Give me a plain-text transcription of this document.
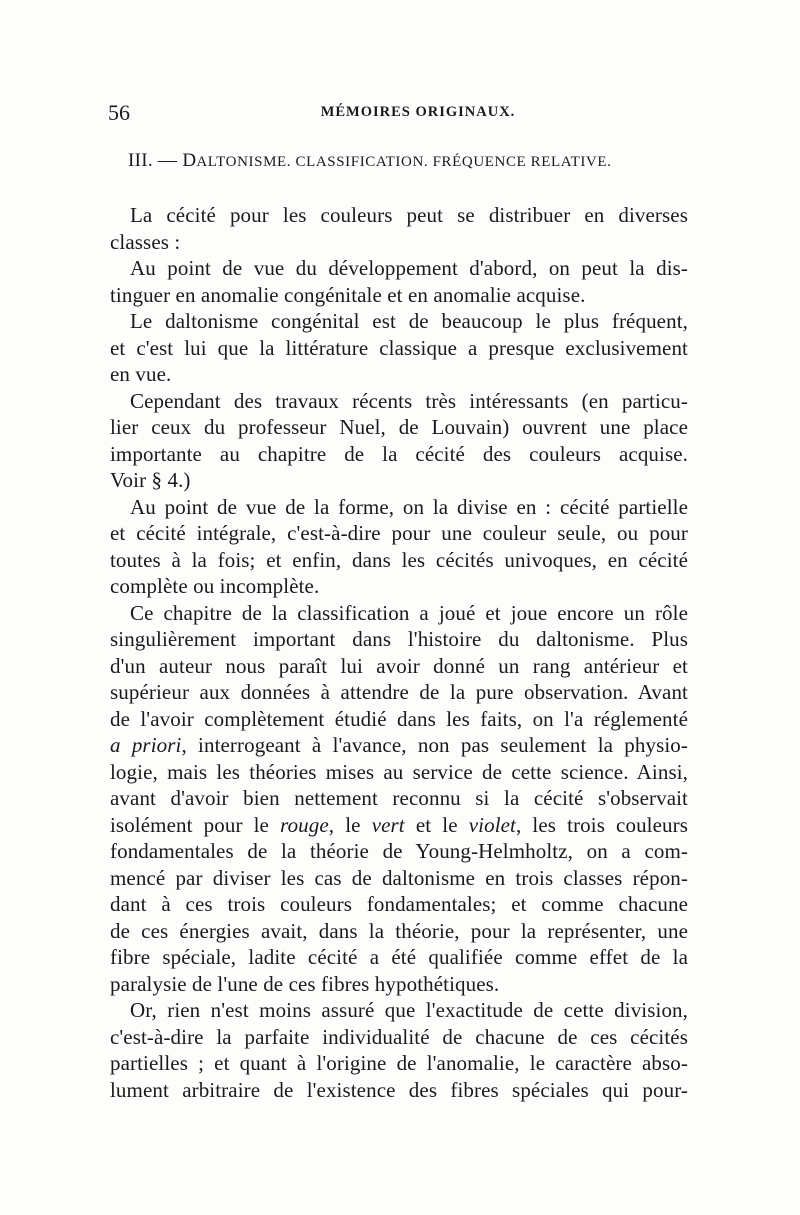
56	MÉMOIRES ORIGINAUX.
III. — DALTONISME. CLASSIFICATION. FRÉQUENCE RELATIVE.
La cécité pour les couleurs peut se distribuer en diverses
classes :
Au point de vue du développement d'abord, on peut la dis-
tinguer en anomalie congénitale et en anomalie acquise.
Le daltonisme congénital est de beaucoup le plus fréquent,
et c'est lui que la littérature classique a presque exclusivement
en vue.
Cependant des travaux récents très intéressants (en particu-
lier ceux du professeur Nuel, de Louvain) ouvrent une place
importante au chapitre de la cécité des couleurs acquise.
Voir § 4.)
Au point de vue de la forme, on la divise en : cécité partielle
et cécité intégrale, c'est-à-dire pour une couleur seule, ou pour
toutes à la fois; et enfin, dans les cécités univoques, en cécité
complète ou incomplète.
Ce chapitre de la classification a joué et joue encore un rôle
singulièrement important dans l'histoire du daltonisme. Plus
d'un auteur nous paraît lui avoir donné un rang antérieur et
supérieur aux données à attendre de la pure observation. Avant
de l'avoir complètement étudié dans les faits, on l'a réglementé
a priori, interrogeant à l'avance, non pas seulement la physio-
logie, mais les théories mises au service de cette science. Ainsi,
avant d'avoir bien nettement reconnu si la cécité s'observait
isolément pour le rouge, le vert et le violet, les trois couleurs
fondamentales de la théorie de Young-Helmholtz, on a com-
mencé par diviser les cas de daltonisme en trois classes répon-
dant à ces trois couleurs fondamentales; et comme chacune
de ces énergies avait, dans la théorie, pour la représenter, une
fibre spéciale, ladite cécité a été qualifiée comme effet de la
paralysie de l'une de ces fibres hypothétiques.
Or, rien n'est moins assuré que l'exactitude de cette division,
c'est-à-dire la parfaite individualité de chacune de ces cécités
partielles ; et quant à l'origine de l'anomalie, le caractère abso-
lument arbitraire de l'existence des fibres spéciales qui pour-
